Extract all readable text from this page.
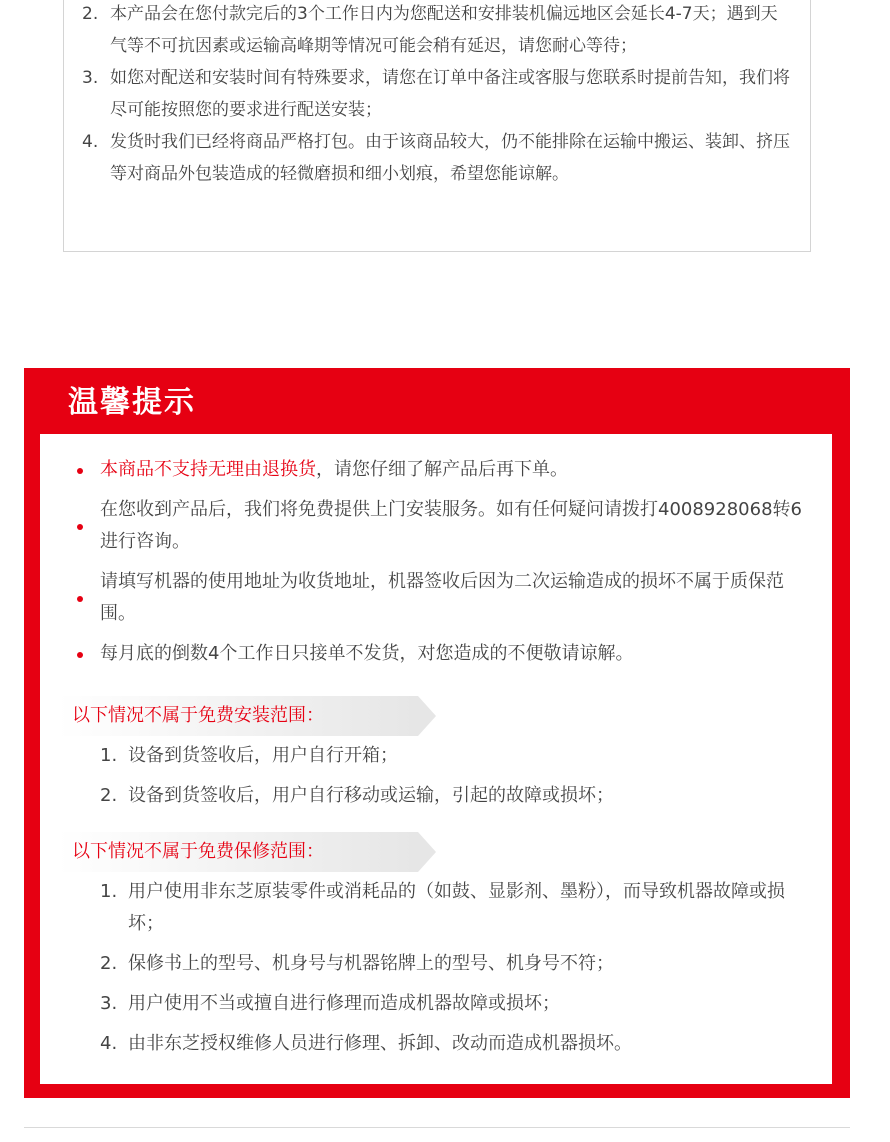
2. 本产品会在您付款完后的3个工作日内为您配送和安排装机偏远地区会延长4-7天；遇到天气等不可抗因素或运输高峰期等情况可能会稍有延迟，请您耐心等待；
3. 如您对配送和安装时间有特殊要求，请您在订单中备注或客服与您联系时提前告知，我们将尽可能按照您的要求进行配送安装；
4. 发货时我们已经将商品严格打包。由于该商品较大，仍不能排除在运输中搬运、装卸、挤压等对商品外包装造成的轻微磨损和细小划痕，希望您能谅解。
温馨提示
本商品不支持无理由退换货，请您仔细了解产品后再下单。
在您收到产品后，我们将免费提供上门安装服务。如有任何疑问请拨打4008928068转6进行咨询。
请填写机器的使用地址为收货地址，机器签收后因为二次运输造成的损坏不属于质保范围。
每月底的倒数4个工作日只接单不发货，对您造成的不便敬请谅解。
以下情况不属于免费安装范围：
1. 设备到货签收后，用户自行开箱；
2. 设备到货签收后，用户自行移动或运输，引起的故障或损坏；
以下情况不属于免费保修范围：
1. 用户使用非东芝原装零件或消耗品的（如鼓、显影剂、墨粉），而导致机器故障或损坏；
2. 保修书上的型号、机身号与机器铭牌上的型号、机身号不符；
3. 用户使用不当或擅自进行修理而造成机器故障或损坏；
4. 由非东芝授权维修人员进行修理、拆卸、改动而造成机器损坏。
